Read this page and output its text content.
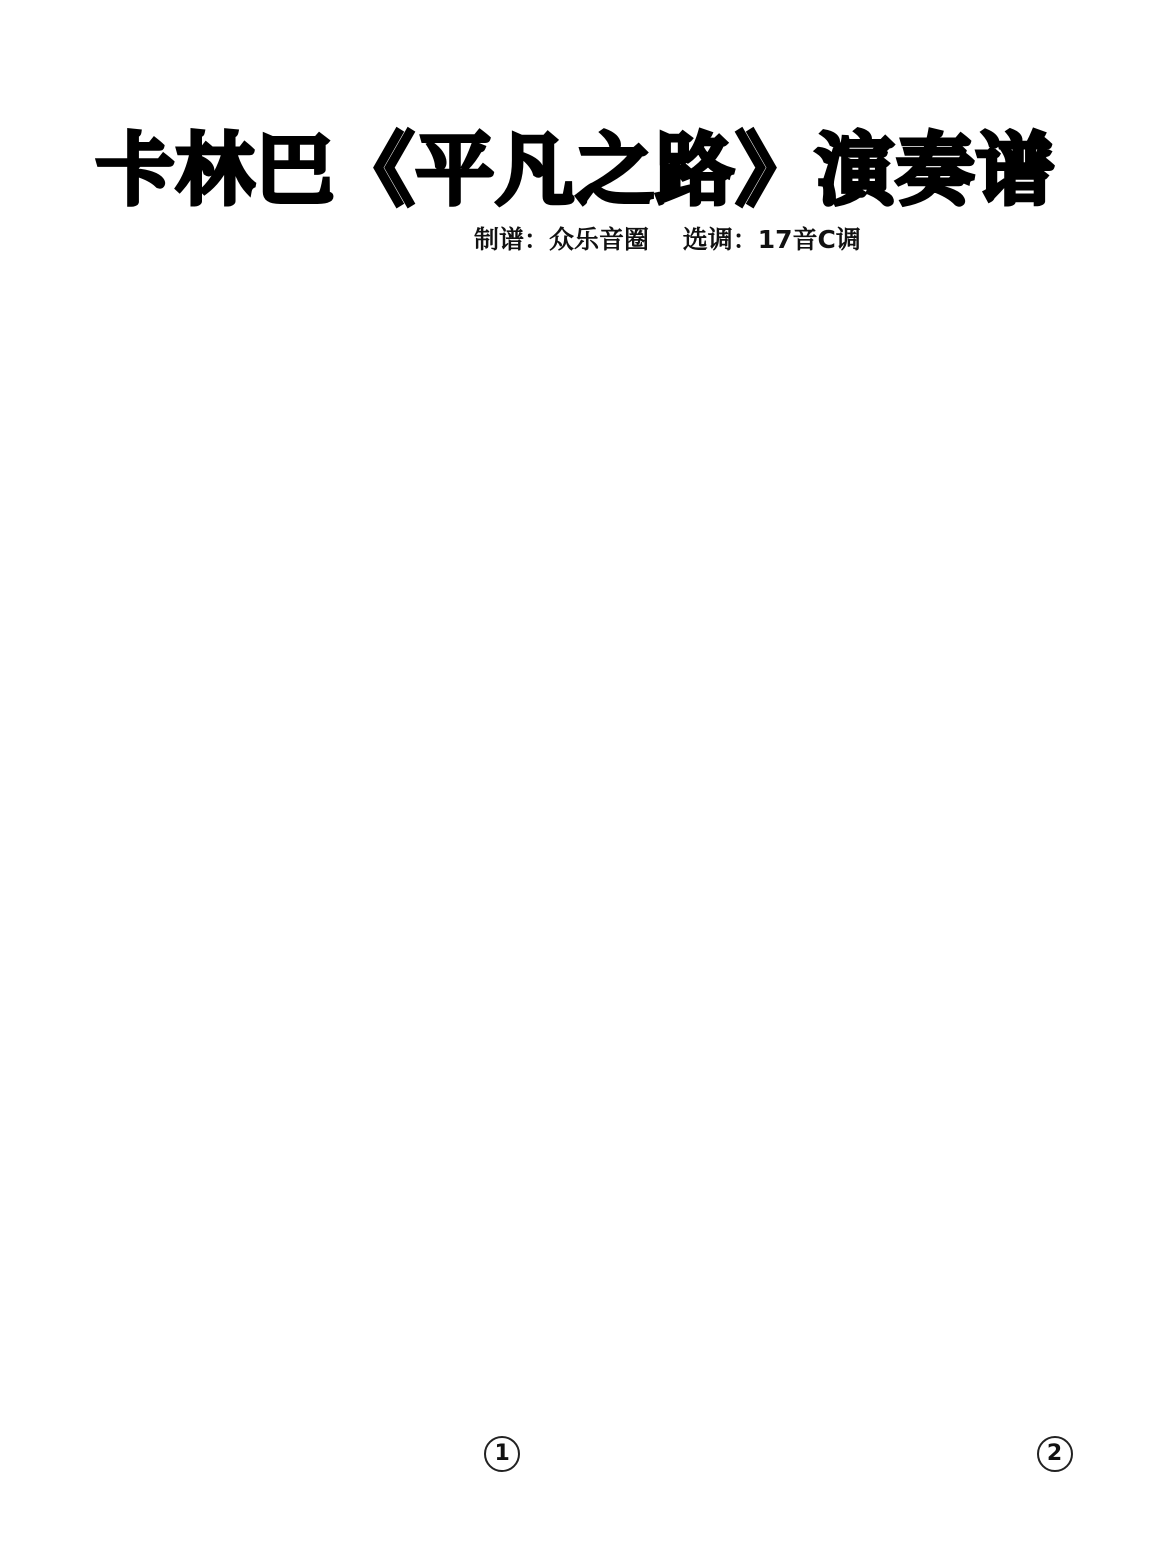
卡林巴《平凡之路》演奏谱
制谱：众乐音圈　 选调：17音C调
1	2
